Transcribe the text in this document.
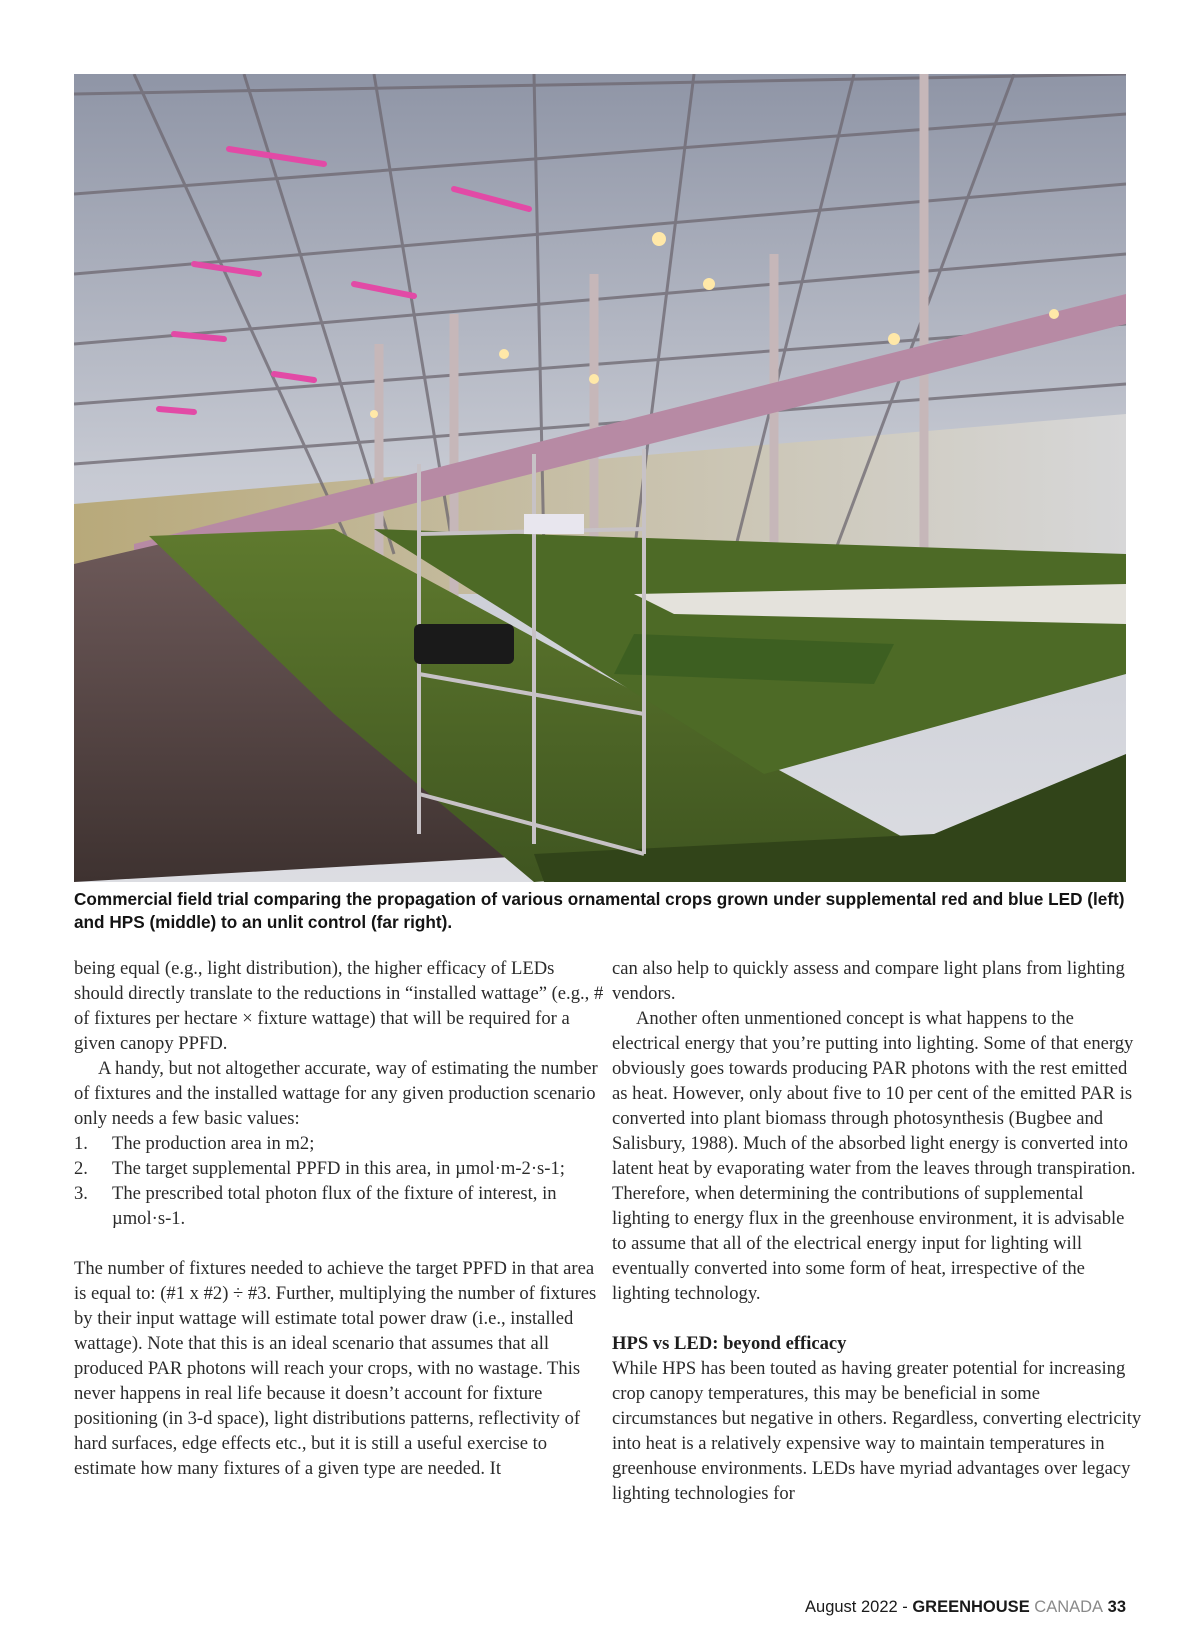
Commercial field trial comparing the propagation of various ornamental crops grown under supplemental red and blue LED (left) and HPS (middle) to an unlit control (far right).

being equal (e.g., light distribution), the higher efficacy of LEDs should directly translate to the reductions in “installed wattage” (e.g., # of fixtures per hectare × fixture wattage) that will be required for a given canopy PPFD.

A handy, but not altogether accurate, way of estimating the number of fixtures and the installed wattage for any given production scenario only needs a few basic values:

1. The production area in m2;
2. The target supplemental PPFD in this area, in µmol·m-2·s-1;
3. The prescribed total photon flux of the fixture of interest, in µmol·s-1.

The number of fixtures needed to achieve the target PPFD in that area is equal to: (#1 x #2) ÷ #3. Further, multiplying the number of fixtures by their input wattage will estimate total power draw (i.e., installed wattage). Note that this is an ideal scenario that assumes that all produced PAR photons will reach your crops, with no wastage. This never happens in real life because it doesn’t account for fixture positioning (in 3-d space), light distributions patterns, reflectivity of hard surfaces, edge effects etc., but it is still a useful exercise to estimate how many fixtures of a given type are needed. It

can also help to quickly assess and compare light plans from lighting vendors.

Another often unmentioned concept is what happens to the electrical energy that you’re putting into lighting. Some of that energy obviously goes towards producing PAR photons with the rest emitted as heat. However, only about five to 10 per cent of the emitted PAR is converted into plant biomass through photosynthesis (Bugbee and Salisbury, 1988). Much of the absorbed light energy is converted into latent heat by evaporating water from the leaves through transpiration. Therefore, when determining the contributions of supplemental lighting to energy flux in the greenhouse environment, it is advisable to assume that all of the electrical energy input for lighting will eventually converted into some form of heat, irrespective of the lighting technology.

HPS vs LED: beyond efficacy

While HPS has been touted as having greater potential for increasing crop canopy temperatures, this may be beneficial in some circumstances but negative in others. Regardless, converting electricity into heat is a relatively expensive way to maintain temperatures in greenhouse environments. LEDs have myriad advantages over legacy lighting technologies for

August 2022 - GREENHOUSE CANADA 33
